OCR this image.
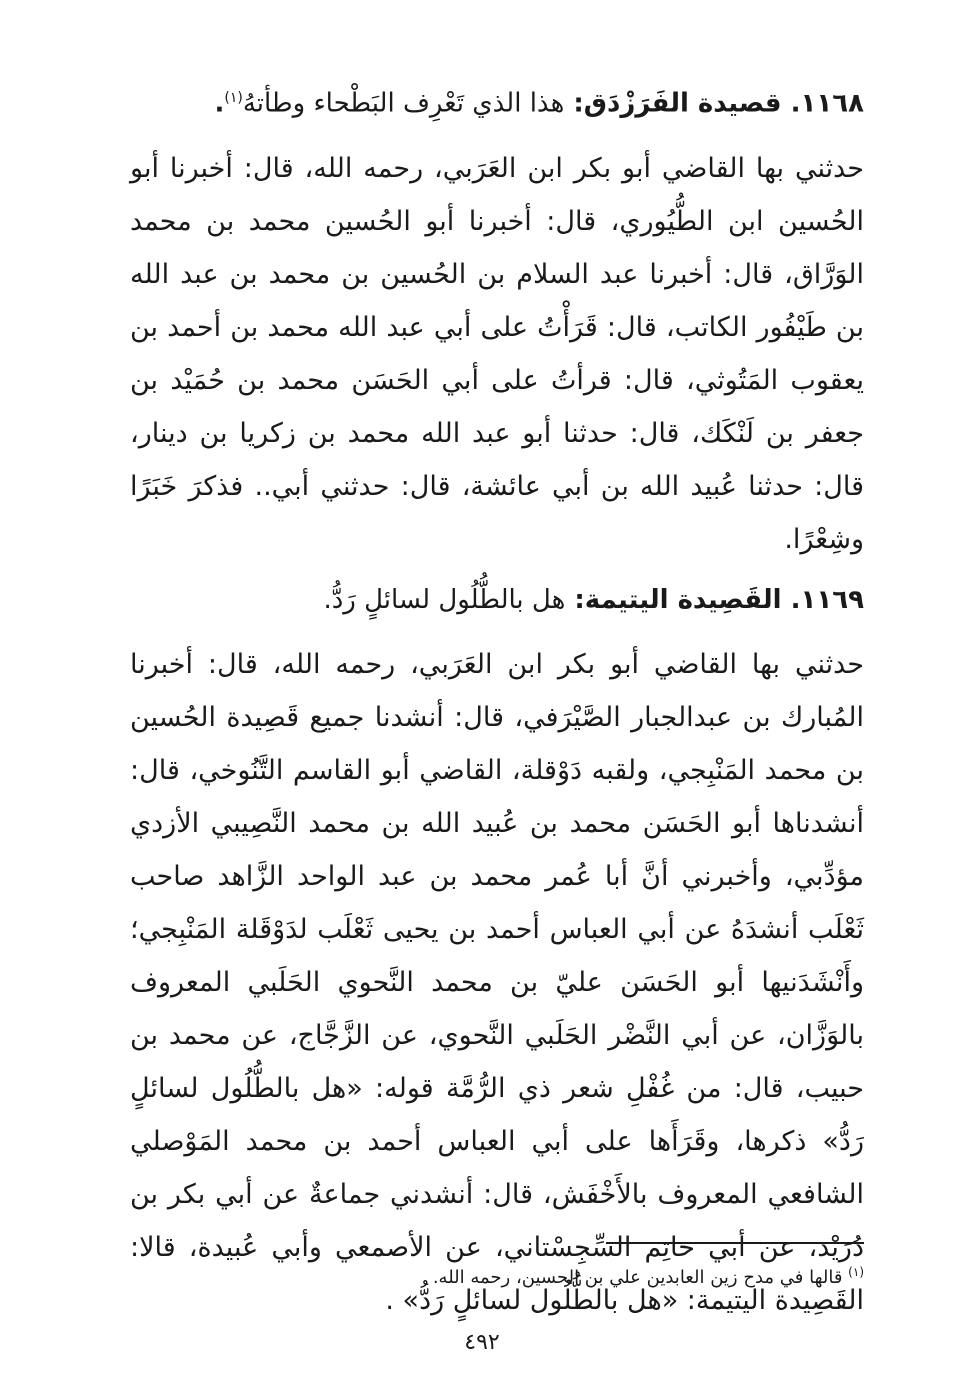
١١٦٨. قصيدة الفَرَزْدَق: هذا الذي تَعْرِف البَطْحاء وطأتهُ$^{(١)}$.

حدثني بها القاضي أبو بكر ابن العَرَبي، رحمه الله، قال: أخبرنا أبو الحُسين ابن الطُّيُوري، قال: أخبرنا أبو الحُسين محمد بن محمد الوَرَّاق، قال: أخبرنا عبد السلام بن الحُسين بن محمد بن عبد الله بن طَيْفُور الكاتب، قال: قَرَأْتُ على أبي عبد الله محمد بن أحمد بن يعقوب المَتُوثي، قال: قرأتُ على أبي الحَسَن محمد بن حُمَيْد بن جعفر بن لَنْكَك، قال: حدثنا أبو عبد الله محمد بن زكريا بن دينار، قال: حدثنا عُبيد الله بن أبي عائشة، قال: حدثني أبي.. فذكرَ خَبَرًا وشِعْرًا.

١١٦٩. القَصِيدة اليتيمة: هل بالطُّلُول لسائلٍ رَدُّ.

حدثني بها القاضي أبو بكر ابن العَرَبي، رحمه الله، قال: أخبرنا المُبارك بن عبدالجبار الصَّيْرَفي، قال: أنشدنا جميع قَصِيدة الحُسين بن محمد المَنْبِجي، ولقبه دَوْقلة، القاضي أبو القاسم التَّنُوخي، قال: أنشدناها أبو الحَسَن محمد بن عُبيد الله بن محمد النَّصِيبي الأزدي مؤدِّبي، وأخبرني أنَّ أبا عُمر محمد بن عبد الواحد الزَّاهد صاحب ثَعْلَب أنشدَهُ عن أبي العباس أحمد بن يحيى ثَعْلَب لدَوْقَلة المَنْبِجي؛ وأَنْشَدَنيها أبو الحَسَن عليّ بن محمد النَّحوي الحَلَبي المعروف بالوَزَّان، عن أبي النَّضْر الحَلَبي النَّحوي، عن الزَّجَّاج، عن محمد بن حبيب، قال: من غُفْلِ شعر ذي الرُّمَّة قوله: «هل بالطُّلُول لسائلٍ رَدُّ» ذكرها، وقَرَأَها على أبي العباس أحمد بن محمد المَوْصلي الشافعي المعروف بالأَخْفَش، قال: أنشدني جماعةٌ عن أبي بكر بن دُرَيْد، عن أبي حاتِم السِّجِسْتاني، عن الأصمعي وأبي عُبيدة، قالا: القَصِيدة اليتيمة: «هل بالطُّلُول لسائلٍ رَدُّ» .

$^{(١)}$ قالها في مدح زين العابدين علي بن الحسين، رحمه الله.
٤٩٢
